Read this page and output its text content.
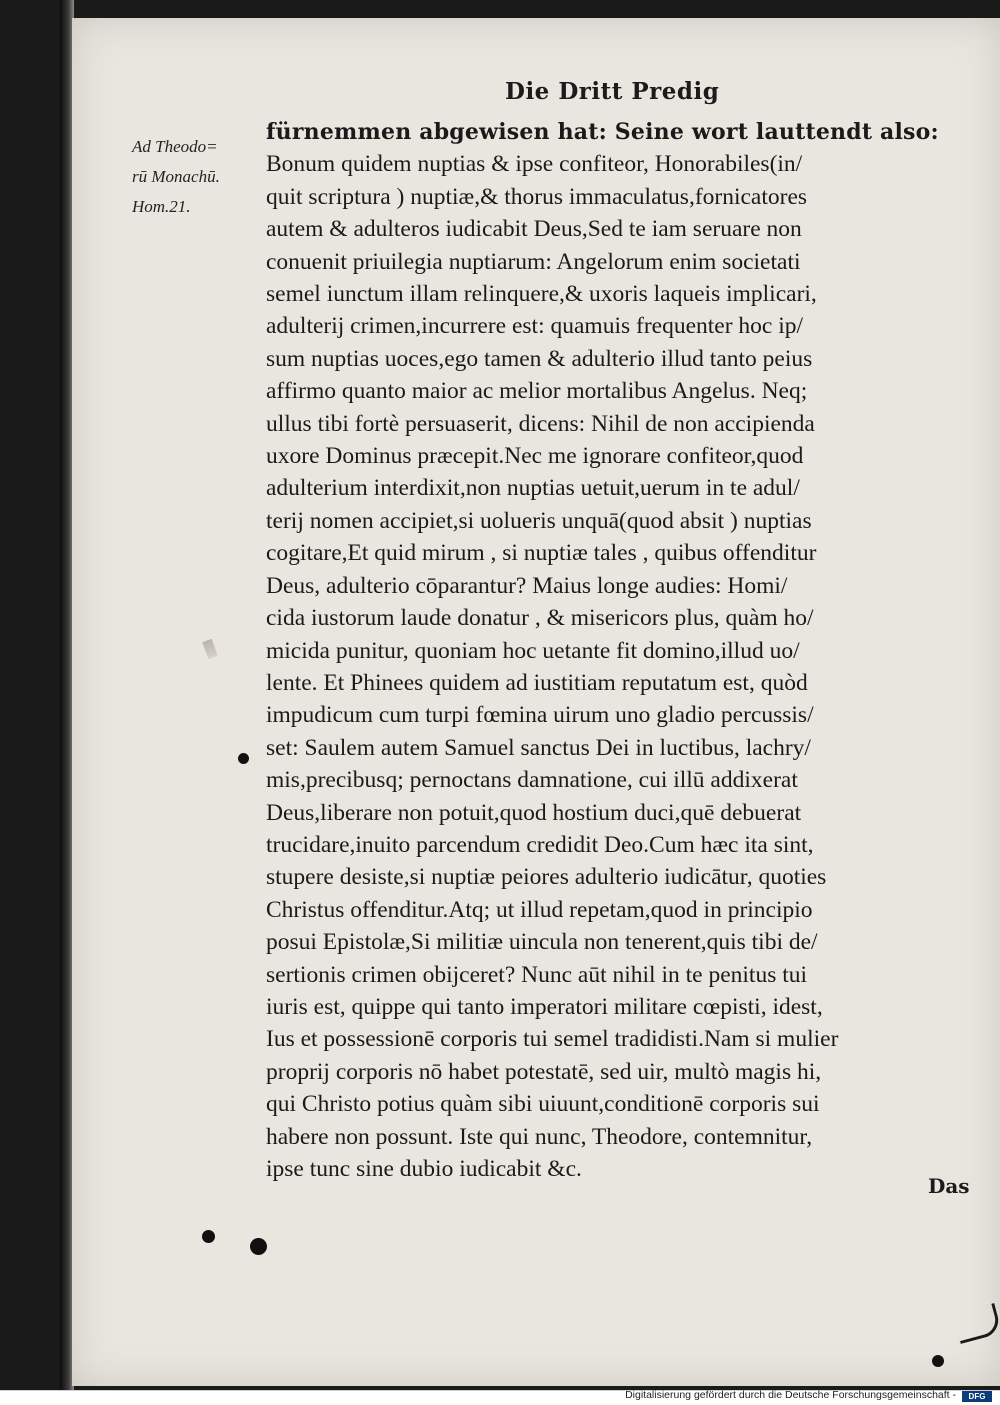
Die Dritt Predig
Ad Theodo=
rū Monachū.
Hom.21.
fürnemmen abgewisen hat: Seine wort lauttendt also:
Bonum quidem nuptias & ipse confiteor, Honorabiles(in/
quit scriptura ) nuptiæ,& thorus immaculatus,fornicatores
autem & adulteros iudicabit Deus,Sed te iam seruare non
conuenit priuilegia nuptiarum: Angelorum enim societati
semel iunctum illam relinquere,& uxoris laqueis implicari,
adulterij crimen,incurrere est: quamuis frequenter hoc ip/
sum nuptias uoces,ego tamen & adulterio illud tanto peius
affirmo quanto maior ac melior mortalibus Angelus. Neq;
ullus tibi fortè persuaserit, dicens: Nihil de non accipienda
uxore Dominus præcepit.Nec me ignorare confiteor,quod
adulterium interdixit,non nuptias uetuit,uerum in te adul/
terij nomen accipiet,si uolueris unquā(quod absit ) nuptias
cogitare,Et quid mirum , si nuptiæ tales , quibus offenditur
Deus, adulterio cōparantur? Maius longe audies: Homi/
cida iustorum laude donatur , & misericors plus, quàm ho/
micida punitur, quoniam hoc uetante fit domino,illud uo/
lente. Et Phinees quidem ad iustitiam reputatum est, quòd
impudicum cum turpi fœmina uirum uno gladio percussis/
set: Saulem autem Samuel sanctus Dei in luctibus, lachry/
mis,precibusq; pernoctans damnatione, cui illū addixerat
Deus,liberare non potuit,quod hostium duci,quē debuerat
trucidare,inuito parcendum credidit Deo.Cum hæc ita sint,
stupere desiste,si nuptiæ peiores adulterio iudicātur, quoties
Christus offenditur.Atq; ut illud repetam,quod in principio
posui Epistolæ,Si militiæ uincula non tenerent,quis tibi de/
sertionis crimen obijceret? Nunc aūt nihil in te penitus tui
iuris est, quippe qui tanto imperatori militare cœpisti, idest,
Ius et possessionē corporis tui semel tradidisti.Nam si mulier
proprij corporis nō habet potestatē, sed uir, multò magis hi,
qui Christo potius quàm sibi uiuunt,conditionē corporis sui
habere non possunt. Iste qui nunc, Theodore, contemnitur,
ipse tunc sine dubio iudicabit &c.
Das
Digitalisierung gefördert durch die Deutsche Forschungsgemeinschaft -	DFG
